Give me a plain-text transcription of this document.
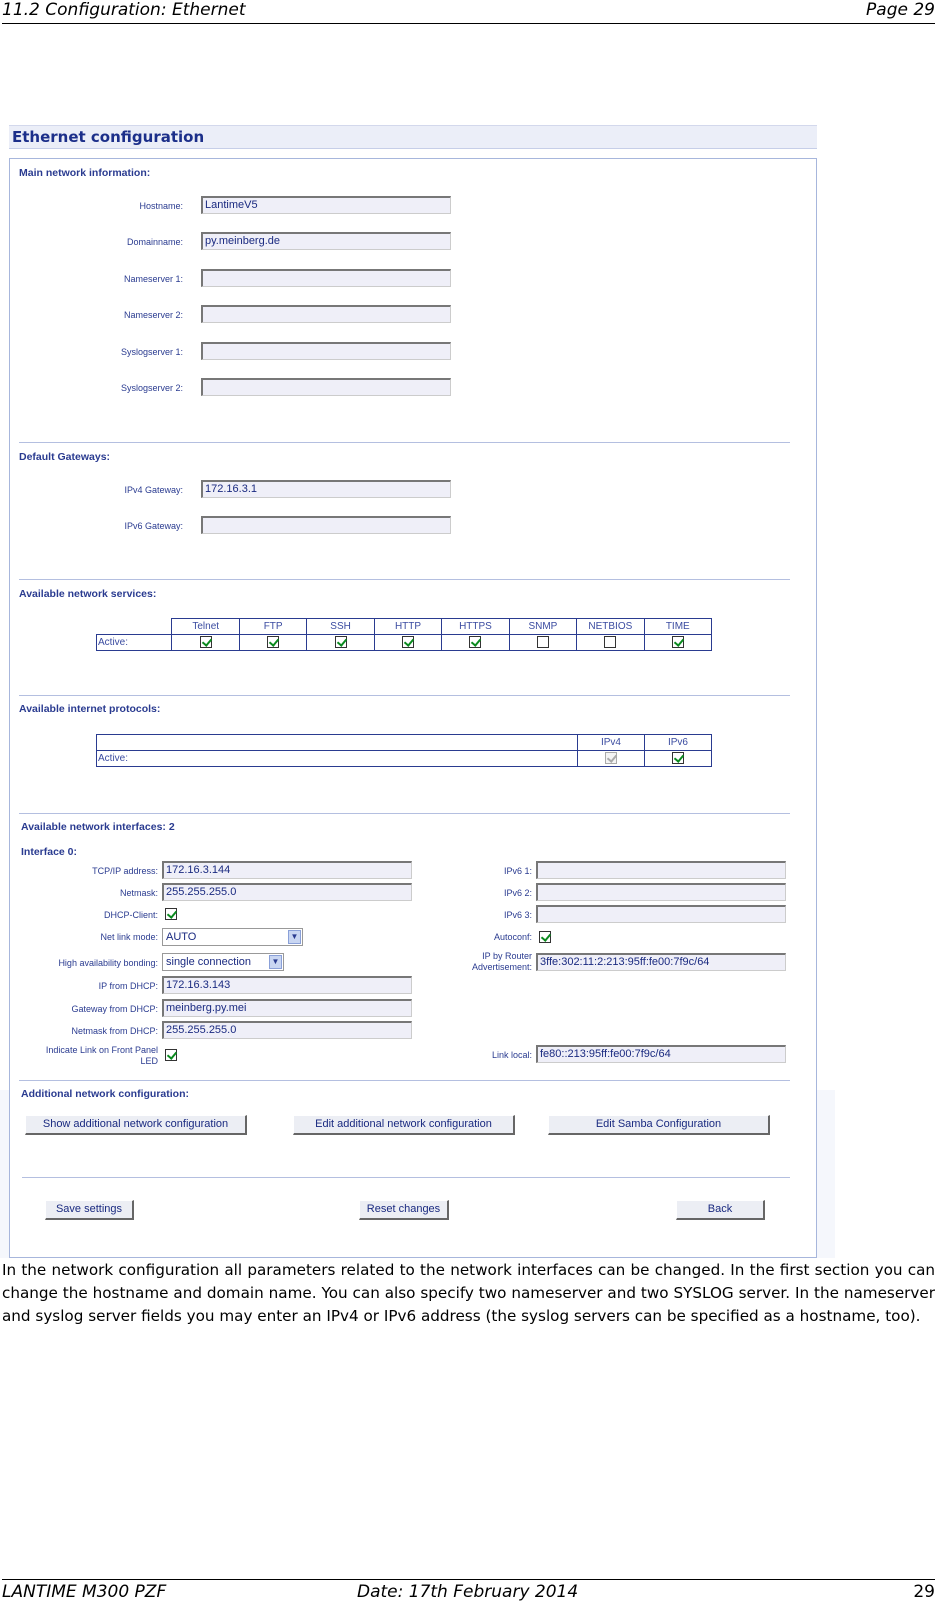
11.2 Configuration: Ethernet	Page 29
Ethernet configuration
Main network information:
Hostname:	LantimeV5
Domainname:	py.meinberg.de
Nameserver 1:
Nameserver 2:
Syslogserver 1:
Syslogserver 2:
Default Gateways:
IPv4 Gateway:	172.16.3.1
IPv6 Gateway:
Available network services:
	Telnet	FTP	SSH	HTTP	HTTPS	SNMP	NETBIOS	TIME
Active:								
Available internet protocols:
	IPv4	IPv6
Active:		
Available network interfaces: 2
Interface 0:
TCP/IP address: 172.16.3.144
Netmask: 255.255.255.0
DHCP-Client:
Net link mode: AUTO	▼
High availability bonding: single connection	▼
IP from DHCP: 172.16.3.143
Gateway from DHCP: meinberg.py.mei
Netmask from DHCP: 255.255.255.0
Indicate Link on Front Panel LED
IPv6 1:
IPv6 2:
IPv6 3:
Autoconf:
IP by Router Advertisement: 3ffe:302:11:2:213:95ff:fe00:7f9c/64
Link local: fe80::213:95ff:fe00:7f9c/64
Additional network configuration:
Show additional network configuration	Edit additional network configuration	Edit Samba Configuration
Save settings	Reset changes	Back

In the network configuration all parameters related to the network interfaces can be changed. In the first section you can change the hostname and domain name. You can also specify two nameserver and two SYSLOG server. In the nameserver and syslog server fields you may enter an IPv4 or IPv6 address (the syslog servers can be specified as a hostname, too).

LANTIME M300 PZF	Date: 17th February 2014	29
